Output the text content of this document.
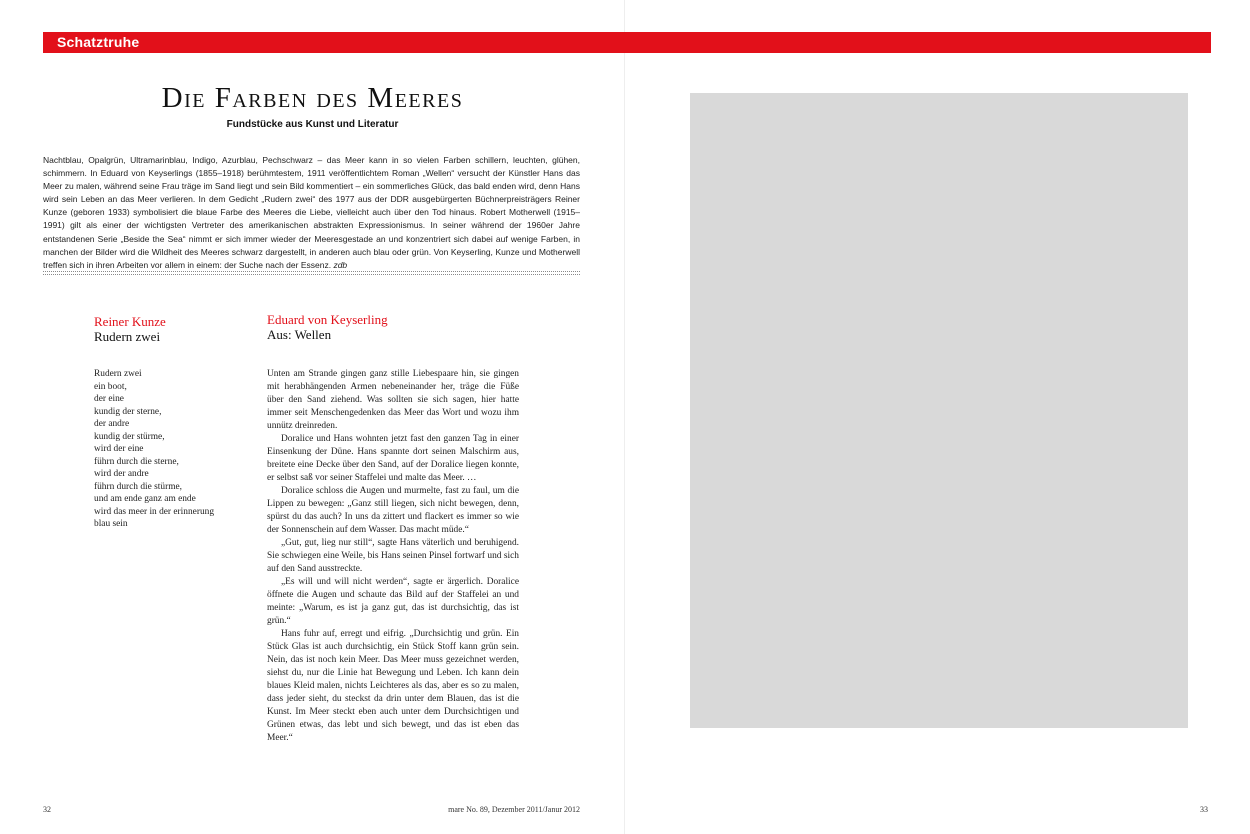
Schatztruhe
Die Farben des Meeres
Fundstücke aus Kunst und Literatur

Nachtblau, Opalgrün, Ultramarinblau, Indigo, Azurblau, Pechschwarz – das Meer kann in so vielen Farben schillern, leuchten, glühen, schimmern. In Eduard von Keyserlings (1855–1918) berühmtestem, 1911 veröffentlichtem Roman „Wellen“ versucht der Künstler Hans das Meer zu malen, während seine Frau träge im Sand liegt und sein Bild kommentiert – ein sommerliches Glück, das bald enden wird, denn Hans wird sein Leben an das Meer verlieren. In dem Gedicht „Rudern zwei“ des 1977 aus der DDR ausgebürgerten Büchnerpreisträgers Reiner Kunze (geboren 1933) symbolisiert die blaue Farbe des Meeres die Liebe, vielleicht auch über den Tod hinaus. Robert Motherwell (1915–1991) gilt als einer der wichtigsten Vertreter des amerikanischen abstrakten Expressionismus. In seiner während der 1960er Jahre entstandenen Serie „Beside the Sea“ nimmt er sich immer wieder der Meeresgestade an und konzentriert sich dabei auf wenige Farben, in manchen der Bilder wird die Wildheit des Meeres schwarz dargestellt, in anderen auch blau oder grün. Von Keyserling, Kunze und Motherwell treffen sich in ihren Arbeiten vor allem in einem: der Suche nach der Essenz. zdb

Reiner Kunze
Rudern zwei
Eduard von Keyserling
Aus: Wellen
Rudern zwei
ein boot,
der eine
kundig der sterne,
der andre
kundig der stürme,
wird der eine
führn durch die sterne,
wird der andre
führn durch die stürme,
und am ende ganz am ende
wird das meer in der erinnerung
blau sein

Unten am Strande gingen ganz stille Liebespaare hin, sie gingen mit herabhängenden Armen nebeneinander her, träge die Füße über den Sand ziehend. Was sollten sie sich sagen, hier hatte immer seit Menschengedenken das Meer das Wort und wozu ihm unnütz dreinreden.

Doralice und Hans wohnten jetzt fast den ganzen Tag in einer Einsenkung der Düne. Hans spannte dort seinen Malschirm aus, breitete eine Decke über den Sand, auf der Doralice liegen konnte, er selbst saß vor seiner Staffelei und malte das Meer. …

Doralice schloss die Augen und murmelte, fast zu faul, um die Lippen zu bewegen: „Ganz still liegen, sich nicht bewegen, denn, spürst du das auch? In uns da zittert und flackert es immer so wie der Sonnenschein auf dem Wasser. Das macht müde.“

„Gut, gut, lieg nur still“, sagte Hans väterlich und beruhigend. Sie schwiegen eine Weile, bis Hans seinen Pinsel fortwarf und sich auf den Sand ausstreckte.

„Es will und will nicht werden“, sagte er ärgerlich. Doralice öffnete die Augen und schaute das Bild auf der Staffelei an und meinte: „Warum, es ist ja ganz gut, das ist durchsichtig, das ist grün.“

Hans fuhr auf, erregt und eifrig. „Durchsichtig und grün. Ein Stück Glas ist auch durchsichtig, ein Stück Stoff kann grün sein. Nein, das ist noch kein Meer. Das Meer muss gezeichnet werden, siehst du, nur die Linie hat Bewegung und Leben. Ich kann dein blaues Kleid malen, nichts Leichteres als das, aber es so zu malen, dass jeder sieht, du steckst da drin unter dem Blauen, das ist die Kunst. Im Meer steckt eben auch unter dem Durchsichtigen und Grünen etwas, das lebt und sich bewegt, und das ist eben das Meer.“

32	mare No. 89, Dezember 2011/Janur 2012	33
